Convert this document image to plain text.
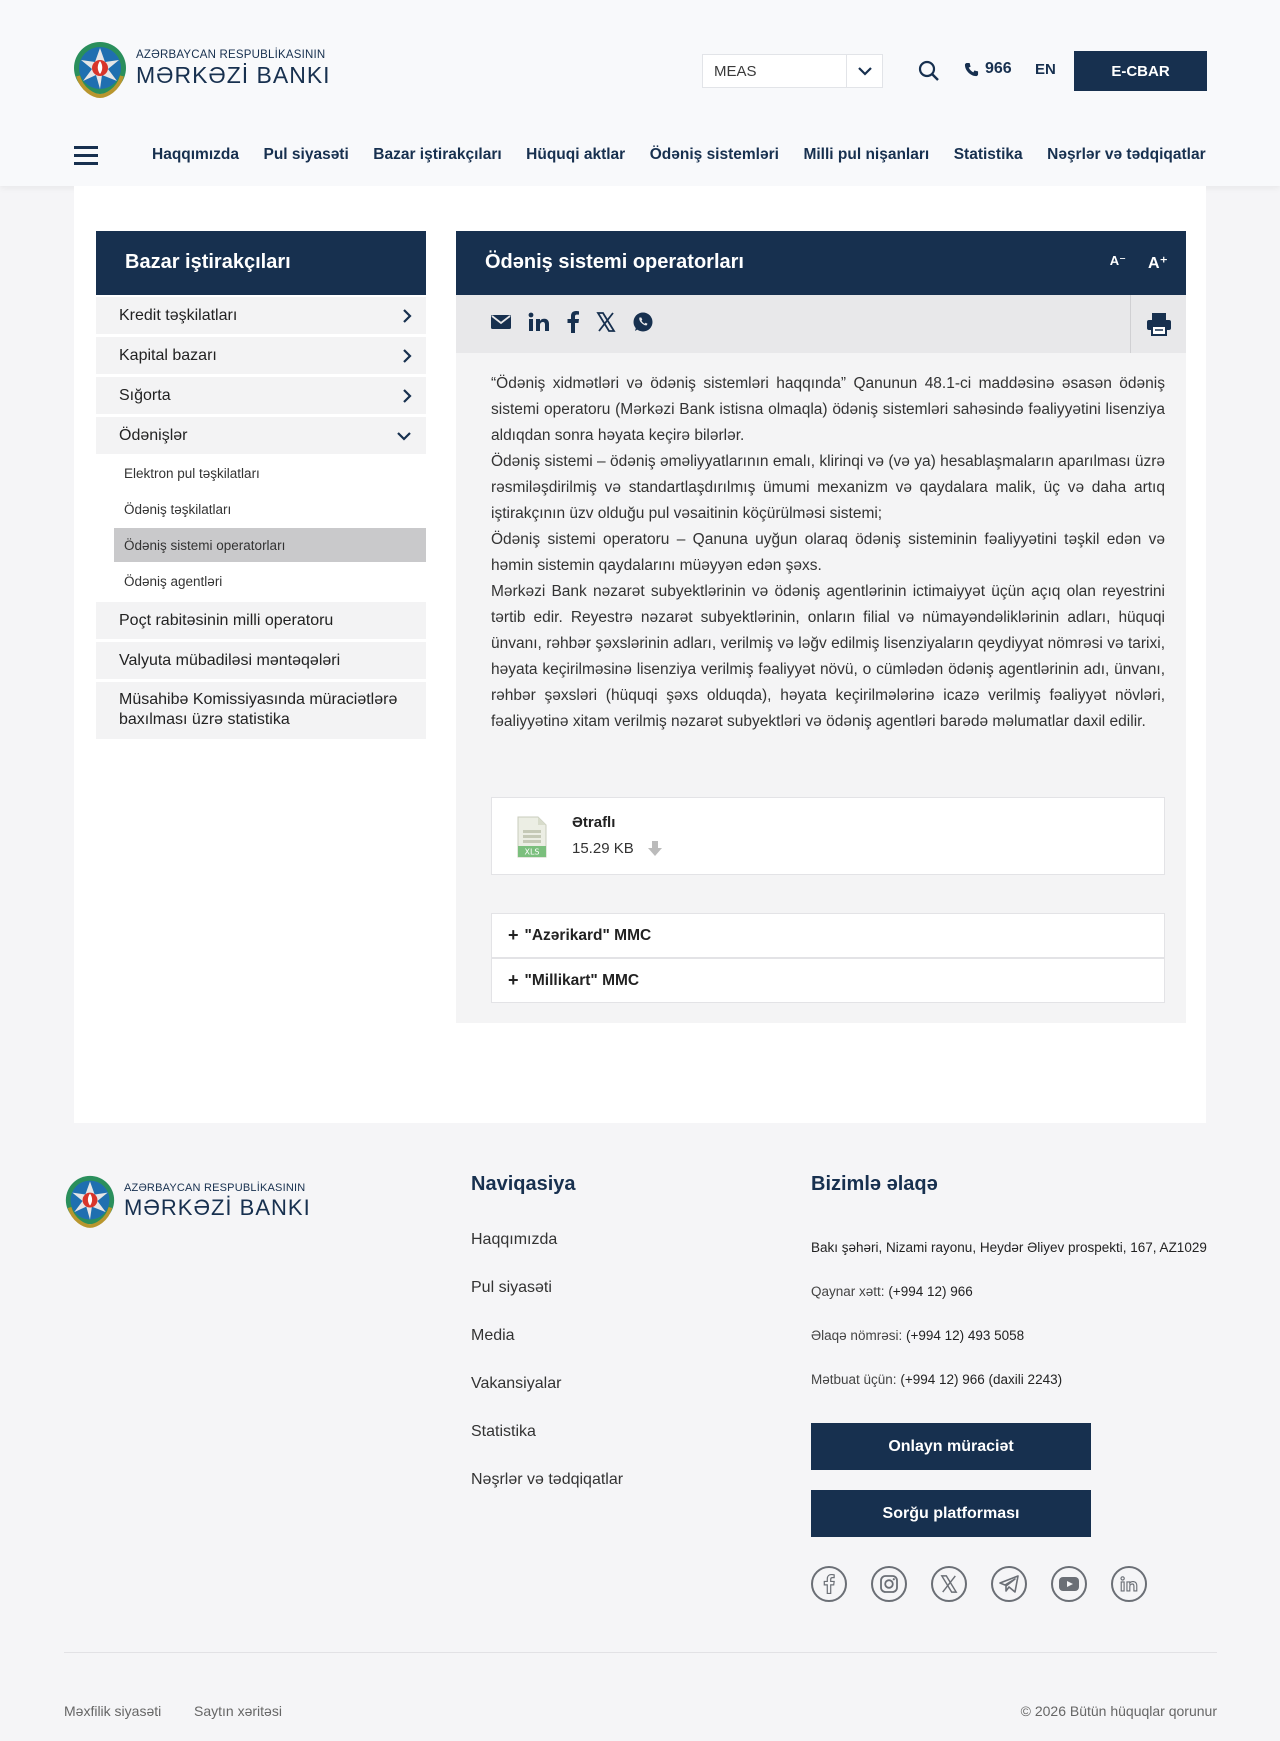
AZƏRBAYCAN RESPUBLİKASININ
MƏRKƏZİ BANKI	MEAS	966 EN	E-CBAR
Haqqımızda Pul siyasəti Bazar iştirakçıları Hüquqi aktlar Ödəniş sistemləri Milli pul nişanları Statistika Nəşrlər və tədqiqatlar
Bazar iştirakçıları
Kredit təşkilatları
Kapital bazarı
Sığorta
Ödənişlər
Elektron pul təşkilatları
Ödəniş təşkilatları
Ödəniş sistemi operatorları
Ödəniş agentləri
Poçt rabitəsinin milli operatoru
Valyuta mübadiləsi məntəqələri
Müsahibə Komissiyasında müraciətlərə
baxılması üzrə statistika
Ödəniş sistemi operatorları	A⁻ A⁺

“Ödəniş xidmətləri və ödəniş sistemləri haqqında” Qanunun 48.1-ci maddəsinə əsasən ödəniş sistemi operatoru (Mərkəzi Bank istisna olmaqla) ödəniş sistemləri sahəsində fəaliyyətini lisenziya aldıqdan sonra həyata keçirə bilərlər.

Ödəniş sistemi – ödəniş əməliyyatlarının emalı, klirinqi və (və ya) hesablaşmaların aparılması üzrə rəsmiləşdirilmiş və standartlaşdırılmış ümumi mexanizm və qaydalara malik, üç və daha artıq iştirakçının üzv olduğu pul vəsaitinin köçürülməsi sistemi;

Ödəniş sistemi operatoru – Qanuna uyğun olaraq ödəniş sisteminin fəaliyyətini təşkil edən və həmin sistemin qaydalarını müəyyən edən şəxs.

Mərkəzi Bank nəzarət subyektlərinin və ödəniş agentlərinin ictimaiyyət üçün açıq olan reyestrini tərtib edir. Reyestrə nəzarət subyektlərinin, onların filial və nümayəndəliklərinin adları, hüquqi ünvanı, rəhbər şəxslərinin adları, verilmiş və ləğv edilmiş lisenziyaların qeydiyyat nömrəsi və tarixi, həyata keçirilməsinə lisenziya verilmiş fəaliyyət növü, o cümlədən ödəniş agentlərinin adı, ünvanı, rəhbər şəxsləri (hüquqi şəxs olduqda), həyata keçirilmələrinə icazə verilmiş fəaliyyət növləri, fəaliyyətinə xitam verilmiş nəzarət subyektləri və ödəniş agentləri barədə məlumatlar daxil edilir.

XLS
Ətraflı
15.29 KB
+ "Azərikard" MMC
+ "Millikart" MMC
AZƏRBAYCAN RESPUBLİKASININ
MƏRKƏZİ BANKI
Naviqasiya
Haqqımızda
Pul siyasəti
Media
Vakansiyalar
Statistika
Nəşrlər və tədqiqatlar
Bizimlə əlaqə
Bakı şəhəri, Nizami rayonu, Heydər Əliyev prospekti, 167, AZ1029
Qaynar xətt: (+994 12) 966
Əlaqə nömrəsi: (+994 12) 493 5058
Mətbuat üçün: (+994 12) 966 (daxili 2243)
Onlayn müraciət
Sorğu platforması
Məxfilik siyasəti Saytın xəritəsi	© 2026 Bütün hüquqlar qorunur
